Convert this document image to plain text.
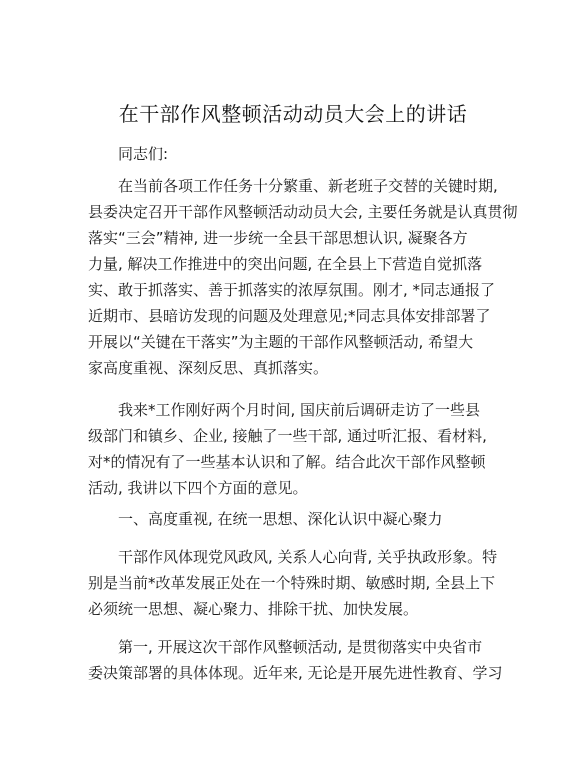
在干部作风整顿活动动员大会上的讲话

同志们:

在当前各项工作任务十分繁重、新老班子交替的关键时期,
县委决定召开干部作风整顿活动动员大会, 主要任务就是认真贯彻
落实“三会”精神, 进一步统一全县干部思想认识, 凝聚各方
力量, 解决工作推进中的突出问题, 在全县上下营造自觉抓落
实、敢于抓落实、善于抓落实的浓厚氛围。刚才, *同志通报了
近期市、县暗访发现的问题及处理意见;*同志具体安排部署了
开展以“关键在干落实”为主题的干部作风整顿活动, 希望大
家高度重视、深刻反思、真抓落实。
我来*工作刚好两个月时间, 国庆前后调研走访了一些县
级部门和镇乡、企业, 接触了一些干部, 通过听汇报、看材料,
对*的情况有了一些基本认识和了解。结合此次干部作风整顿
活动, 我讲以下四个方面的意见。
一、高度重视, 在统一思想、深化认识中凝心聚力
干部作风体现党风政风, 关系人心向背, 关乎执政形象。特
别是当前*改革发展正处在一个特殊时期、敏感时期, 全县上下
必须统一思想、凝心聚力、排除干扰、加快发展。
第一, 开展这次干部作风整顿活动, 是贯彻落实中央省市
委决策部署的具体体现。近年来, 无论是开展先进性教育、学习
